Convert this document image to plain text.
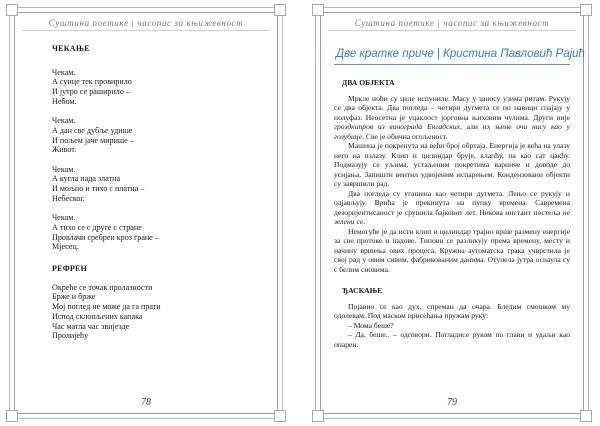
Суштина поетике | часопис за књижевност
ЧЕКАЊЕ
Чекам.
А сунце тек провирило
И јутро се раширило –
Небом.
Чекам.
А дан све дубље удише
И пољем јаче мирише –
Живот.
Чекам.
А кугла пада златна
И мољно и тихо с платна –
Небеског.
Чекам.
А тихо се с друге с стране
Провлачи сребрен кроз гране –
Мјесец.
РЕФРЕН
Окреће се точак пролазности
Брже и брже
Мој поглед не може да га прати
Испод склопљених капака
Час матла час звијезде
Пролијећу
78
Суштина поетике | часопис за књижевност
Две кратке приче | Кристина Павловић Рајић
ДВА ОБЈЕКТА

Мркле ноћи су целе испуниле. Масу у заносу узима ритам. Рукују се два објекта. Два погледа – четири дугмета се по навици спајају у полуфаз. Неосетна је уцаклост јорговна њиховим чулима. Други није гроздкипров из винограда Енгадских, али их њене очи нису као у голубице. Све је обична огољеност.

Машина је покренута на већи број обртаја. Енергија је већа на улазу него на излазу. Клип и цилиндар брује, клапћу, па као сат цакћу. Подмазују се уљима, устаљеним покретима варниче и доводе до усијања. Запишти вентил удвојеним испарењем. Кондензовани објекти су завршили рад.

Два погледа су угашена као четири дугмета. Лењо се рукују и одјављују. Врића је прекинута на пупку времена. Савремена дезоријентисаност је срушила бајковит лет. Никова инстант постеља не зелени се.

Немогуће је да исти клип и цилиндар трајно врше размену енергије за све протоке и падове. Типови се разликују према времену, месту и начину вршења ових процеса. Кружна аутоматска трака учврстила је свој рад у овим сивим, фабрикованим данима. Отупела јутра оснаула су с белим сновима.

ЂАСКАЊЕ

Појавио се као дух, спреман да очара. Бледим смешком му одолевам. Под маском присећања пружам руку:

– Мома беше?

– Да, беше.. – одговори. Погладисе руком по глави и удаљи као опарен.

79
